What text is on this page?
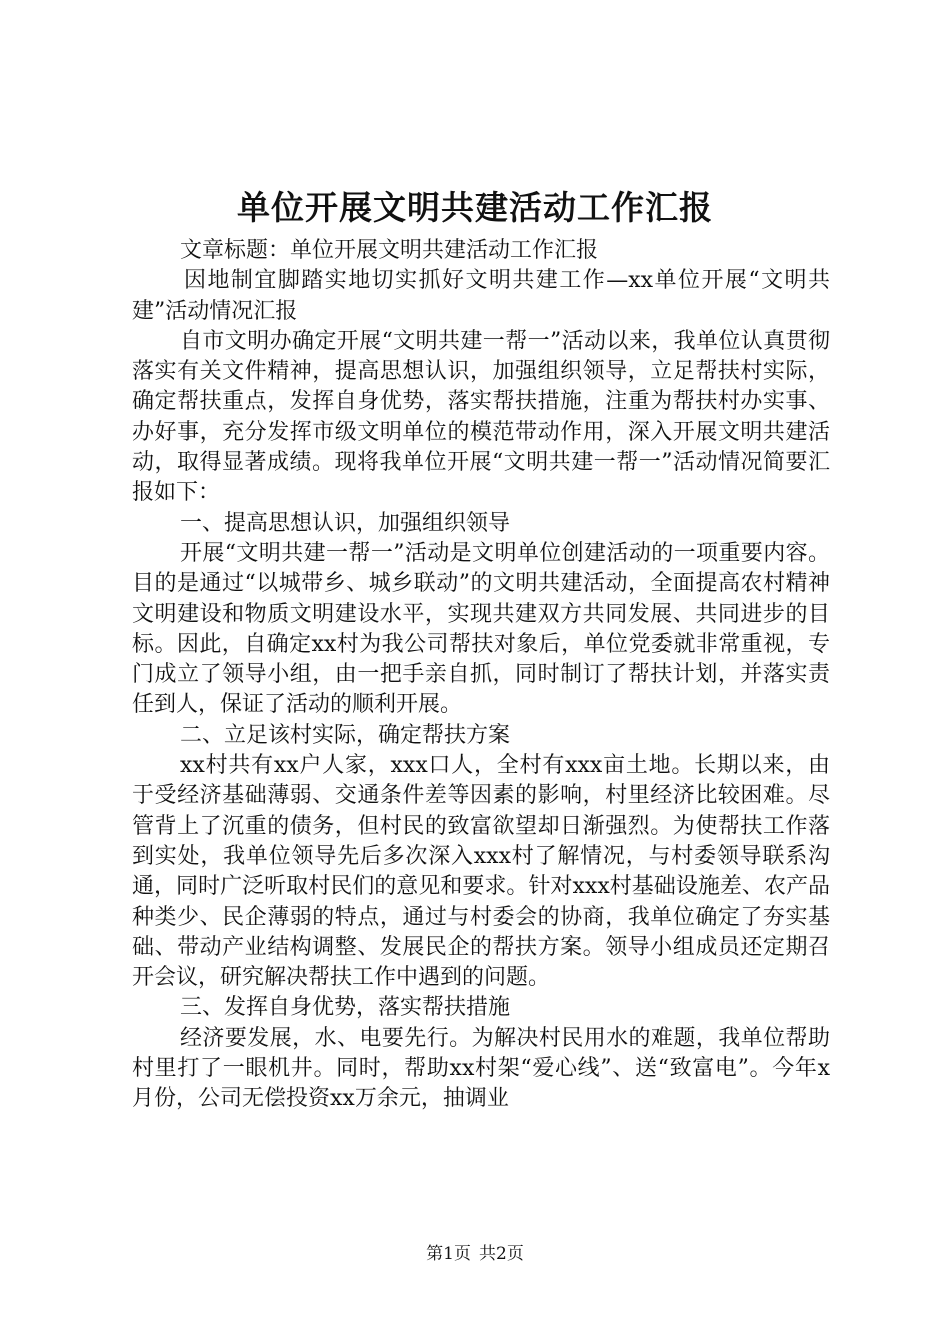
单位开展文明共建活动工作汇报

文章标题：单位开展文明共建活动工作汇报

因地制宜脚踏实地切实抓好文明共建工作—xx单位开展“文明共建”活动情况汇报

自市文明办确定开展“文明共建一帮一”活动以来，我单位认真贯彻落实有关文件精神，提高思想认识，加强组织领导，立足帮扶村实际，确定帮扶重点，发挥自身优势，落实帮扶措施，注重为帮扶村办实事、办好事，充分发挥市级文明单位的模范带动作用，深入开展文明共建活动，取得显著成绩。现将我单位开展“文明共建一帮一”活动情况简要汇报如下：

一、提高思想认识，加强组织领导

开展“文明共建一帮一”活动是文明单位创建活动的一项重要内容。目的是通过“以城带乡、城乡联动”的文明共建活动，全面提高农村精神文明建设和物质文明建设水平，实现共建双方共同发展、共同进步的目标。因此，自确定xx村为我公司帮扶对象后，单位党委就非常重视，专门成立了领导小组，由一把手亲自抓，同时制订了帮扶计划，并落实责任到人，保证了活动的顺利开展。

二、立足该村实际，确定帮扶方案

xx村共有xx户人家，xxx口人，全村有xxx亩土地。长期以来，由于受经济基础薄弱、交通条件差等因素的影响，村里经济比较困难。尽管背上了沉重的债务，但村民的致富欲望却日渐强烈。为使帮扶工作落到实处，我单位领导先后多次深入xxx村了解情况，与村委领导联系沟通，同时广泛听取村民们的意见和要求。针对xxx村基础设施差、农产品种类少、民企薄弱的特点，通过与村委会的协商，我单位确定了夯实基础、带动产业结构调整、发展民企的帮扶方案。领导小组成员还定期召开会议，研究解决帮扶工作中遇到的问题。

三、发挥自身优势，落实帮扶措施

经济要发展，水、电要先行。为解决村民用水的难题，我单位帮助村里打了一眼机井。同时，帮助xx村架“爱心线”、送“致富电”。今年x月份，公司无偿投资xx万余元，抽调业

第1页 共2页
